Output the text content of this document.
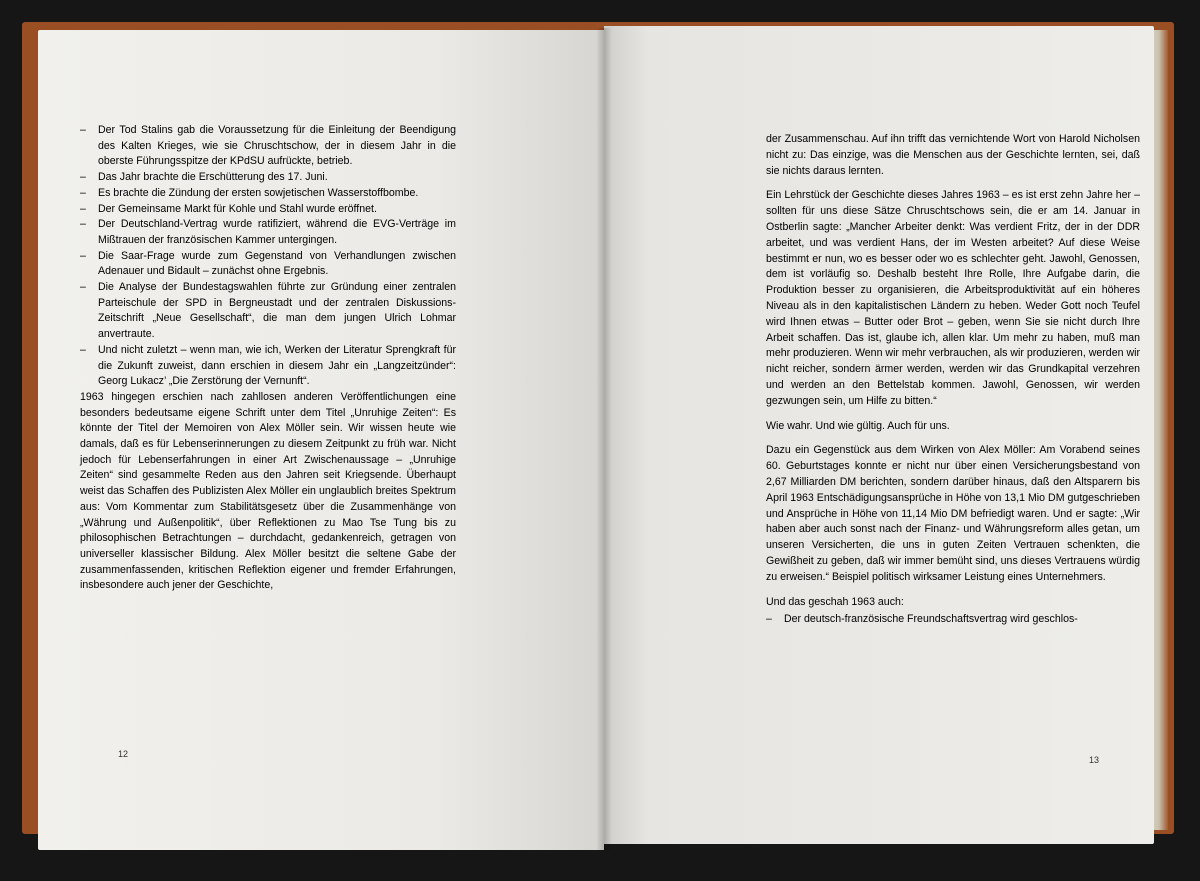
– Der Tod Stalins gab die Voraussetzung für die Einleitung der Beendigung des Kalten Krieges, wie sie Chruschtschow, der in diesem Jahr in die oberste Führungsspitze der KPdSU aufrückte, betrieb.
– Das Jahr brachte die Erschütterung des 17. Juni.
– Es brachte die Zündung der ersten sowjetischen Wasserstoffbombe.
– Der Gemeinsame Markt für Kohle und Stahl wurde eröffnet.
– Der Deutschland-Vertrag wurde ratifiziert, während die EVG-Verträge im Mißtrauen der französischen Kammer untergingen.
– Die Saar-Frage wurde zum Gegenstand von Verhandlungen zwischen Adenauer und Bidault – zunächst ohne Ergebnis.
– Die Analyse der Bundestagswahlen führte zur Gründung einer zentralen Parteischule der SPD in Bergneustadt und der zentralen Diskussions-Zeitschrift „Neue Gesellschaft“, die man dem jungen Ulrich Lohmar anvertraute.
– Und nicht zuletzt – wenn man, wie ich, Werken der Literatur Sprengkraft für die Zukunft zuweist, dann erschien in diesem Jahr ein „Langzeitzünder“: Georg Lukacz’ „Die Zerstörung der Vernunft“.

1963 hingegen erschien nach zahllosen anderen Veröffentlichungen eine besonders bedeutsame eigene Schrift unter dem Titel „Unruhige Zeiten“: Es könnte der Titel der Memoiren von Alex Möller sein. Wir wissen heute wie damals, daß es für Lebenserinnerungen zu diesem Zeitpunkt zu früh war. Nicht jedoch für Lebenserfahrungen in einer Art Zwischenaussage – „Unruhige Zeiten“ sind gesammelte Reden aus den Jahren seit Kriegsende. Überhaupt weist das Schaffen des Publizisten Alex Möller ein unglaublich breites Spektrum aus: Vom Kommentar zum Stabilitätsgesetz über die Zusammenhänge von „Währung und Außenpolitik“, über Reflektionen zu Mao Tse Tung bis zu philosophischen Betrachtungen – durchdacht, gedankenreich, getragen von universeller klassischer Bildung. Alex Möller besitzt die seltene Gabe der zusammenfassenden, kritischen Reflektion eigener und fremder Erfahrungen, insbesondere auch jener der Geschichte,

12

der Zusammenschau. Auf ihn trifft das vernichtende Wort von Harold Nicholsen nicht zu: Das einzige, was die Menschen aus der Geschichte lernten, sei, daß sie nichts daraus lernten.

Ein Lehrstück der Geschichte dieses Jahres 1963 – es ist erst zehn Jahre her – sollten für uns diese Sätze Chruschtschows sein, die er am 14. Januar in Ostberlin sagte: „Mancher Arbeiter denkt: Was verdient Fritz, der in der DDR arbeitet, und was verdient Hans, der im Westen arbeitet? Auf diese Weise bestimmt er nun, wo es besser oder wo es schlechter geht. Jawohl, Genossen, dem ist vorläufig so. Deshalb besteht Ihre Rolle, Ihre Aufgabe darin, die Produktion besser zu organisieren, die Arbeitsproduktivität auf ein höheres Niveau als in den kapitalistischen Ländern zu heben. Weder Gott noch Teufel wird Ihnen etwas – Butter oder Brot – geben, wenn Sie sie nicht durch Ihre Arbeit schaffen. Das ist, glaube ich, allen klar. Um mehr zu haben, muß man mehr produzieren. Wenn wir mehr verbrauchen, als wir produzieren, werden wir nicht reicher, sondern ärmer werden, werden wir das Grundkapital verzehren und werden an den Bettelstab kommen. Jawohl, Genossen, wir werden gezwungen sein, um Hilfe zu bitten.“

Wie wahr. Und wie gültig. Auch für uns.

Dazu ein Gegenstück aus dem Wirken von Alex Möller: Am Vorabend seines 60. Geburtstages konnte er nicht nur über einen Versicherungsbestand von 2,67 Milliarden DM berichten, sondern darüber hinaus, daß den Altsparern bis April 1963 Entschädigungsansprüche in Höhe von 13,1 Mio DM gutgeschrieben und Ansprüche in Höhe von 11,14 Mio DM befriedigt waren. Und er sagte: „Wir haben aber auch sonst nach der Finanz- und Währungsreform alles getan, um unseren Versicherten, die uns in guten Zeiten Vertrauen schenkten, die Gewißheit zu geben, daß wir immer bemüht sind, uns dieses Vertrauens würdig zu erweisen.“ Beispiel politisch wirksamer Leistung eines Unternehmers.

Und das geschah 1963 auch:

– Der deutsch-französische Freundschaftsvertrag wird geschlos-
13
